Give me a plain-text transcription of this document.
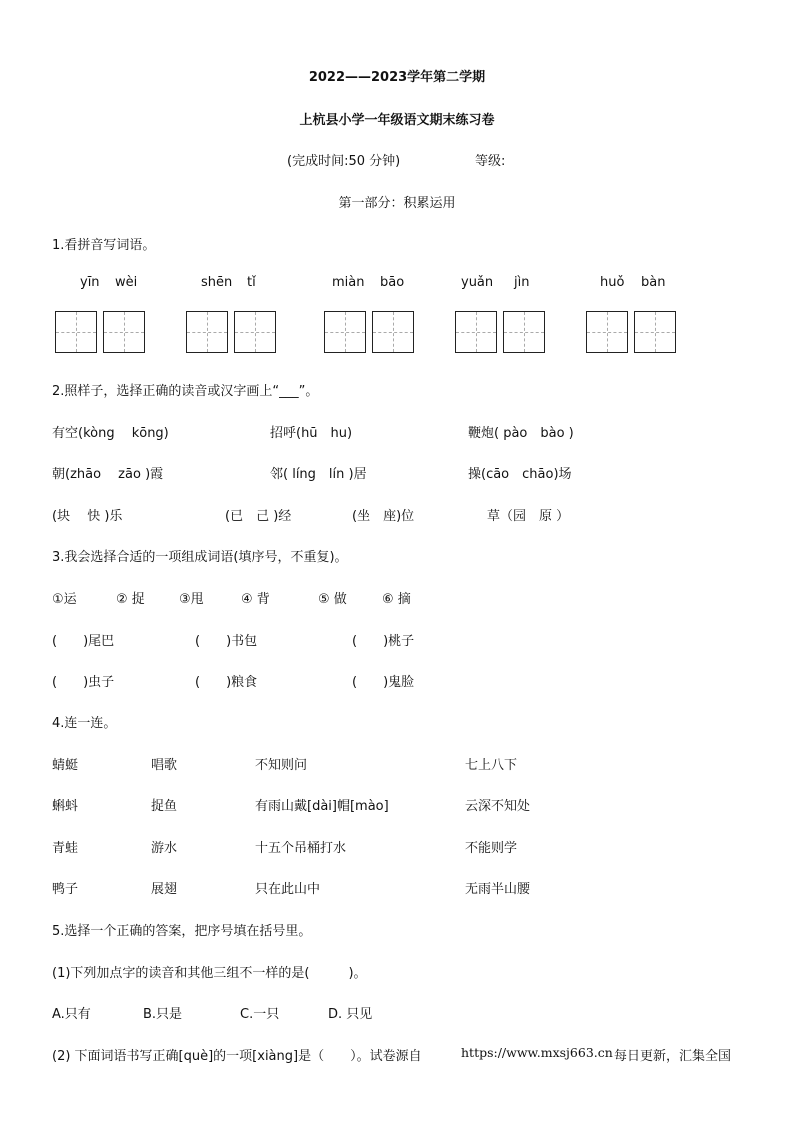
2022——2023学年第二学期
上杭县小学一年级语文期末练习卷
(完成时间:50 分钟)	等级:
第一部分：积累运用
1.看拼音写词语。
yīn wèi	shēn tǐ	miàn bāo	yuǎn jìn	huǒ bàn
2.照样子，选择正确的读音或汉字画上“___”。
有空(kòng　 kōng)	招呼(hū　hu)	鞭炮( pào　bào )
朝(zhāo　 zāo )霞	邻( líng　lín )居	操(cāo　chāo)场
(块　 快 )乐	(已　己 )经	(坐　座)位	草（园　原 ）
3.我会选择合适的一项组成词语(填序号，不重复)。
①运	② 捉	③甩	④ 背	⑤ 做	⑥ 摘
(　　)尾巴	(　　)书包	(　　)桃子
(　　)虫子	(　　)粮食	(　　)鬼脸
4.连一连。
蜻蜓	唱歌	不知则问	七上八下
蝌蚪	捉鱼	有雨山戴[dài]帽[mào]	云深不知处
青蛙	游水	十五个吊桶打水	不能则学
鸭子	展翅	只在此山中	无雨半山腰
5.选择一个正确的答案，把序号填在括号里。
(1)下列加点字的读音和其他三组不一样的是(　　　)。
A.只有	B.只是	C.一只	D. 只见
(2) 下面词语书写正确[què]的一项[xiàng]是（　　）。试卷源自	https://www.mxsj663.cn 每日更新，汇集全国
